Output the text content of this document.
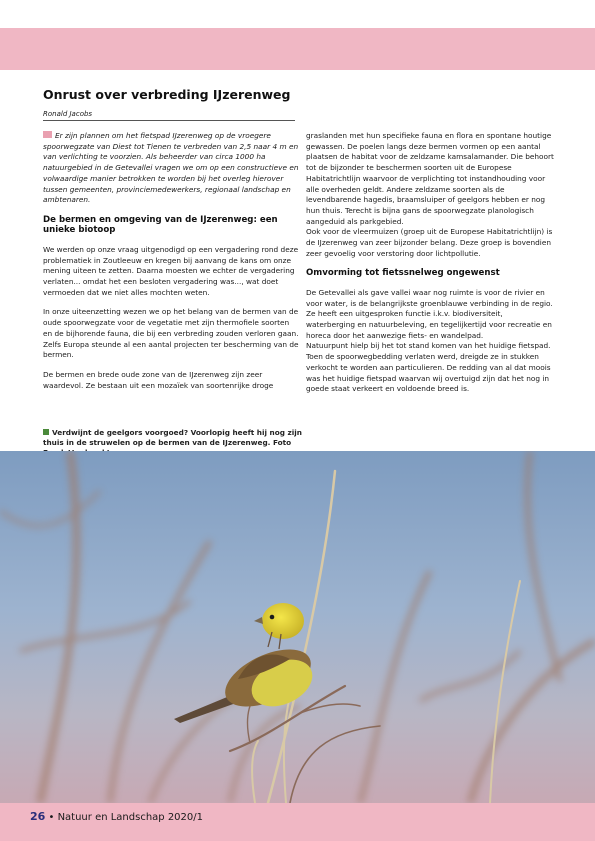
Onrust over verbreding IJzerenweg
Ronald Jacobs

Er zijn plannen om het fietspad IJzerenweg op de vroegere spoorwegzate van Diest tot Tienen te verbreden van 2,5 naar 4 m en van verlichting te voorzien. Als beheerder van circa 1000 ha natuurgebied in de Getevallei vragen we om op een constructieve en volwaardige manier betrokken te worden bij het overleg hierover tussen gemeenten, provinciemedewerkers, regionaal landschap en ambtenaren.

De bermen en omgeving van de IJzerenweg: een unieke biotoop

We werden op onze vraag uitgenodigd op een vergadering rond deze problematiek in Zoutleeuw en kregen bij aanvang de kans om onze mening uiteen te zetten. Daarna moesten we echter de vergadering verlaten... omdat het een besloten vergadering was..., wat doet vermoeden dat we niet alles mochten weten.

In onze uiteenzetting wezen we op het belang van de bermen van de oude spoorwegzate voor de vegetatie met zijn thermofiele soorten en de bijhorende fauna, die bij een verbreding zouden verloren gaan. Zelfs Europa steunde al een aantal projecten ter bescherming van de bermen.

De bermen en brede oude zone van de IJzerenweg zijn zeer waardevol. Ze bestaan uit een mozaïek van soortenrijke droge

graslanden met hun specifieke fauna en flora en spontane houtige gewassen. De poelen langs deze bermen vormen op een aantal plaatsen de habitat voor de zeldzame kamsalamander. Die behoort tot de bijzonder te beschermen soorten uit de Europese Habitatrichtlijn waarvoor de verplichting tot instandhouding voor alle overheden geldt. Andere zeldzame soorten als de levendbarende hagedis, braamsluiper of geelgors hebben er nog hun thuis. Terecht is bijna gans de spoorwegzate planologisch aangeduid als parkgebied.

Ook voor de vleermuizen (groep uit de Europese Habitatrichtlijn) is de IJzerenweg van zeer bijzonder belang. Deze groep is bovendien zeer gevoelig voor verstoring door lichtpollutie.

Omvorming tot fietssnelweg ongewenst

De Getevallei als gave vallei waar nog ruimte is voor de rivier en voor water, is de belangrijkste groenblauwe verbinding in de regio. Ze heeft een uitgesproken functie i.k.v. biodiversiteit, waterberging en natuurbeleving, en tegelijkertijd voor recreatie en horeca door het aanwezige fiets- en wandelpad.

Natuurpunt hielp bij het tot stand komen van het huidige fietspad. Toen de spoorwegbedding verlaten werd, dreigde ze in stukken verkocht te worden aan particulieren. De redding van al dat moois was het huidige fietspad waarvan wij overtuigd zijn dat het nog in goede staat verkeert en voldoende breed is.

Verdwijnt de geelgors voorgoed? Voorlopig heeft hij nog zijn thuis in de struwelen op de bermen van de IJzerenweg. Foto
26 • Natuur en Landschap 2020/1
